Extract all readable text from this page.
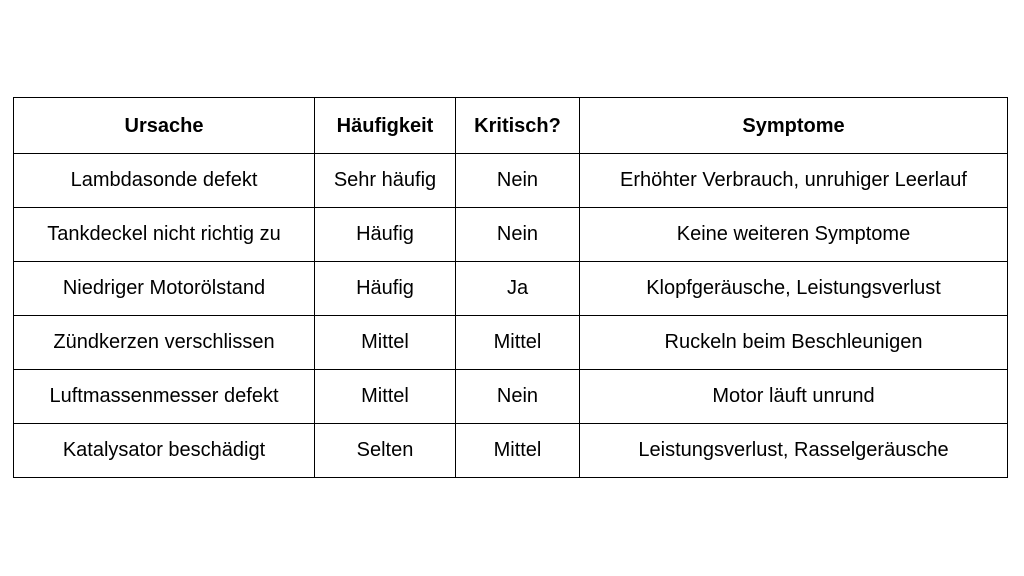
Ursache	Häufigkeit	Kritisch?	Symptome
Lambdasonde defekt	Sehr häufig	Nein	Erhöhter Verbrauch, unruhiger Leerlauf
Tankdeckel nicht richtig zu	Häufig	Nein	Keine weiteren Symptome
Niedriger Motorölstand	Häufig	Ja	Klopfgeräusche, Leistungsverlust
Zündkerzen verschlissen	Mittel	Mittel	Ruckeln beim Beschleunigen
Luftmassenmesser defekt	Mittel	Nein	Motor läuft unrund
Katalysator beschädigt	Selten	Mittel	Leistungsverlust, Rasselgeräusche
